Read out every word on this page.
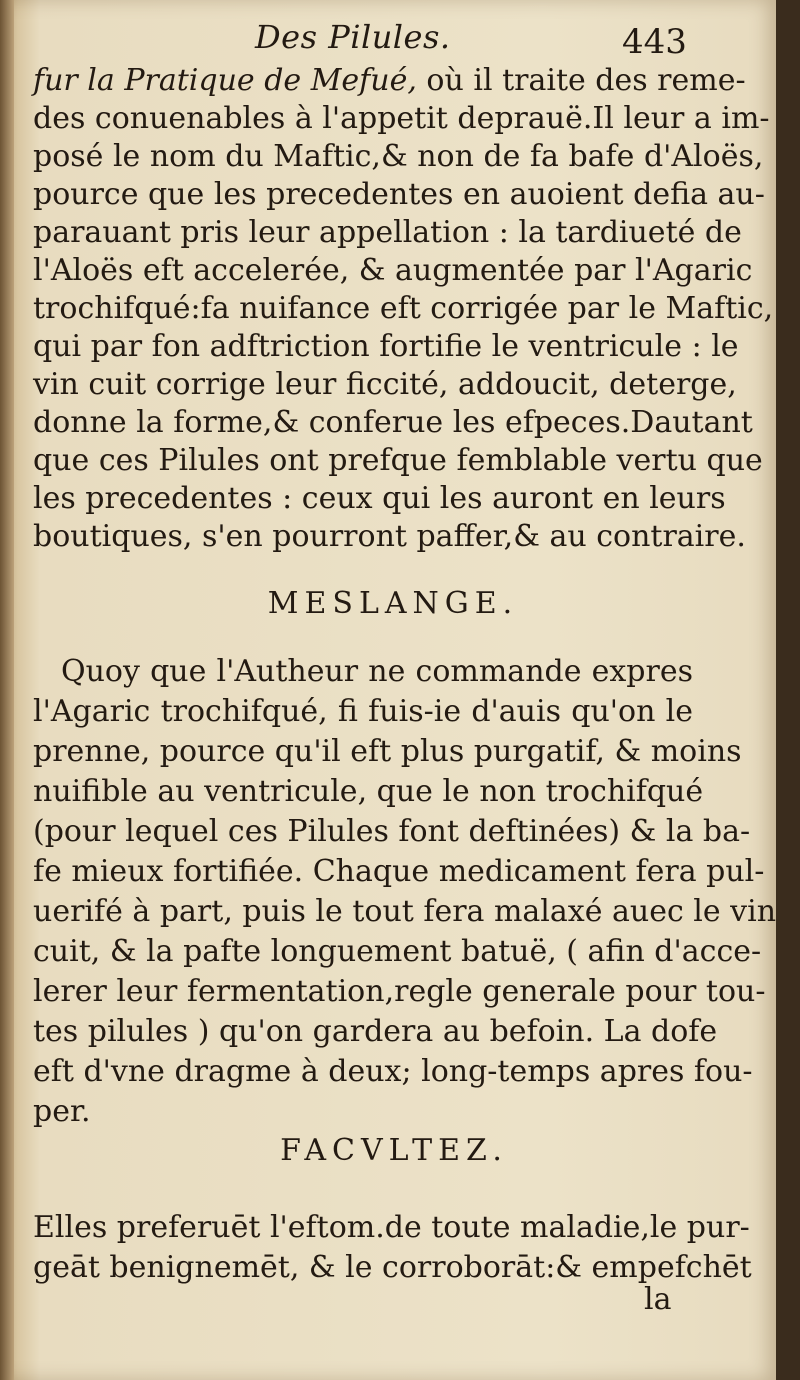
Des Pilules.	443
fur la Pratique de Mefué, où il traite des reme-
des conuenables à l'appetit deprauë.Il leur a im-
posé le nom du Maftic,& non de fa bafe d'Aloës,
pource que les precedentes en auoient defia au-
parauant pris leur appellation : la tardiueté de
l'Aloës eft accelerée, & augmentée par l'Agaric
trochifqué:fa nuifance eft corrigée par le Maftic,
qui par fon adftriction fortifie le ventricule : le
vin cuit corrige leur ficcité, addoucit, deterge,
donne la forme,& conferue les efpeces.Dautant
que ces Pilules ont prefque femblable vertu que
les precedentes : ceux qui les auront en leurs
boutiques, s'en pourront paffer,& au contraire.
MESLANGE.
Quoy que l'Autheur ne commande expres
l'Agaric trochifqué, fi fuis-ie d'auis qu'on le
prenne, pource qu'il eft plus purgatif, & moins
nuifible au ventricule, que le non trochifqué
(pour lequel ces Pilules font deftinées) & la ba-
fe mieux fortifiée. Chaque medicament fera pul-
uerifé à part, puis le tout fera malaxé auec le vin
cuit, & la pafte longuement batuë, ( afin d'acce-
lerer leur fermentation,regle generale pour tou-
tes pilules ) qu'on gardera au befoin. La dofe
eft d'vne dragme à deux; long-temps apres fou-
per.
FACVLTEZ.
Elles preferuēt l'eftom.de toute maladie,le pur-
geāt benignemēt, & le corroborāt:& empefchēt
la
